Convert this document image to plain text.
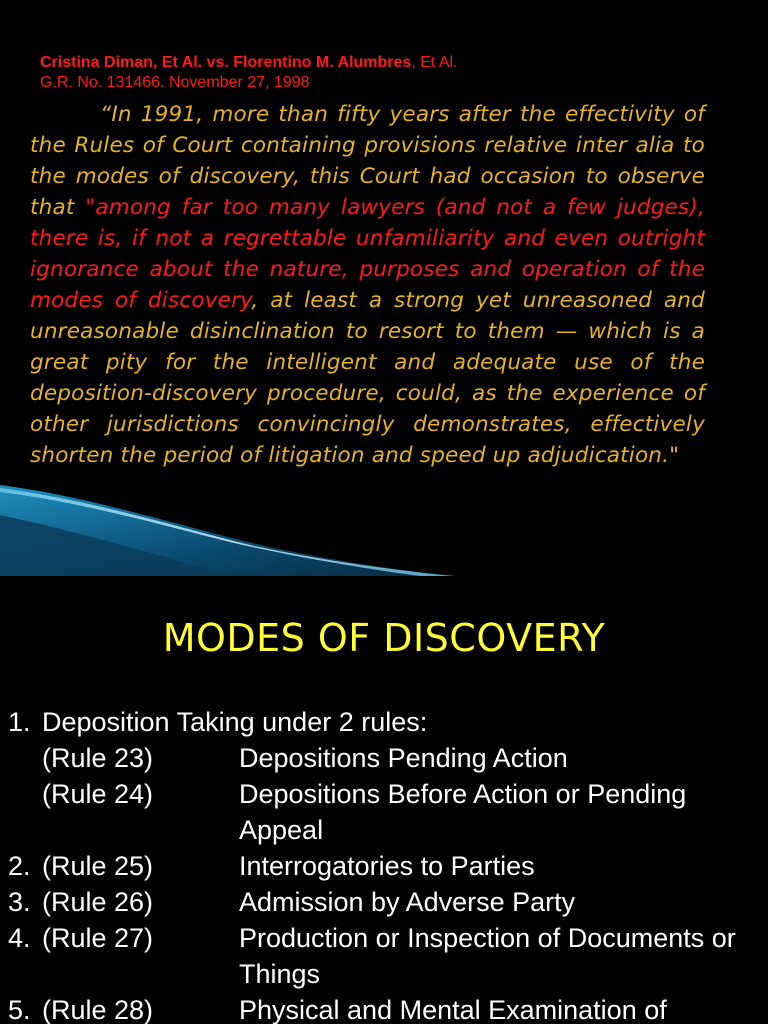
Cristina Diman, Et Al. vs. Florentino M. Alumbres, Et Al.
G.R. No. 131466. November 27, 1998
“In 1991, more than fifty years after the effectivity of the Rules of Court containing provisions relative inter alia to the modes of discovery, this Court had occasion to observe that "among far too many lawyers (and not a few judges), there is, if not a regrettable unfamiliarity and even outright ignorance about the nature, purposes and operation of the modes of discovery, at least a strong yet unreasoned and unreasonable disinclination to resort to them — which is a great pity for the intelligent and adequate use of the deposition-discovery procedure, could, as the experience of other jurisdictions convincingly demonstrates, effectively shorten the period of litigation and speed up adjudication."
MODES OF DISCOVERY
1. Deposition Taking under 2 rules:
(Rule 23)	Depositions Pending Action
(Rule 24)	Depositions Before Action or Pending Appeal
2. (Rule 25)	Interrogatories to Parties
3. (Rule 26)	Admission by Adverse Party
4. (Rule 27)	Production or Inspection of Documents or Things
5. (Rule 28)	Physical and Mental Examination of
